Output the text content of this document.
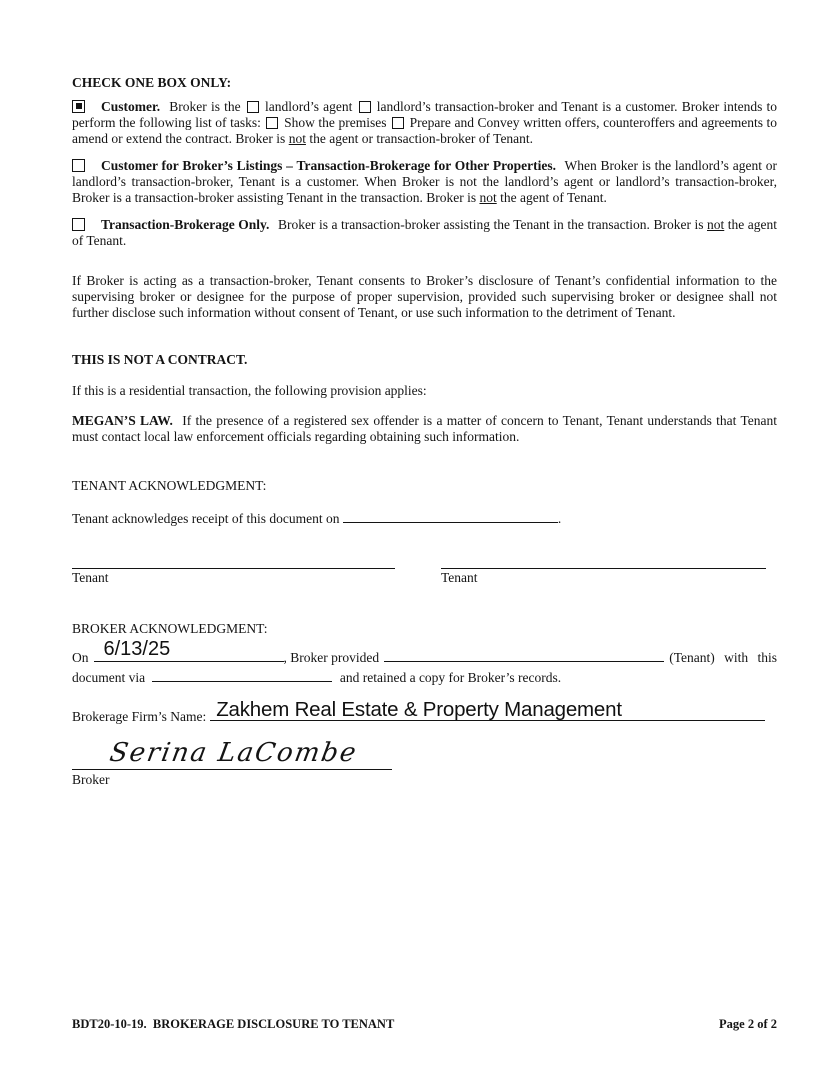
CHECK ONE BOX ONLY:

Customer. Broker is the landlord’s agent landlord’s transaction-broker and Tenant is a customer. Broker intends to perform the following list of tasks: Show the premises Prepare and Convey written offers, counteroffers and agreements to amend or extend the contract. Broker is not the agent or transaction-broker of Tenant.

Customer for Broker’s Listings – Transaction-Brokerage for Other Properties. When Broker is the landlord’s agent or landlord’s transaction-broker, Tenant is a customer. When Broker is not the landlord’s agent or landlord’s transaction-broker, Broker is a transaction-broker assisting Tenant in the transaction. Broker is not the agent of Tenant.

Transaction-Brokerage Only. Broker is a transaction-broker assisting the Tenant in the transaction. Broker is not the agent of Tenant.

If Broker is acting as a transaction-broker, Tenant consents to Broker’s disclosure of Tenant’s confidential information to the supervising broker or designee for the purpose of proper supervision, provided such supervising broker or designee shall not further disclose such information without consent of Tenant, or use such information to the detriment of Tenant.

THIS IS NOT A CONTRACT.

If this is a residential transaction, the following provision applies:

MEGAN’S LAW. If the presence of a registered sex offender is a matter of concern to Tenant, Tenant understands that Tenant must contact local law enforcement officials regarding obtaining such information.

TENANT ACKNOWLEDGMENT:

Tenant acknowledges receipt of this document on	.

Tenant	Tenant

BROKER ACKNOWLEDGMENT:

On 6/13/25	, Broker provided	(Tenant) with this

document via	and retained a copy for Broker’s records.

Brokerage Firm’s Name: Zakhem Real Estate & Property Management
Serina LaCombe

Broker

BDT20-10-19.  BROKERAGE DISCLOSURE TO TENANT	Page 2 of 2
